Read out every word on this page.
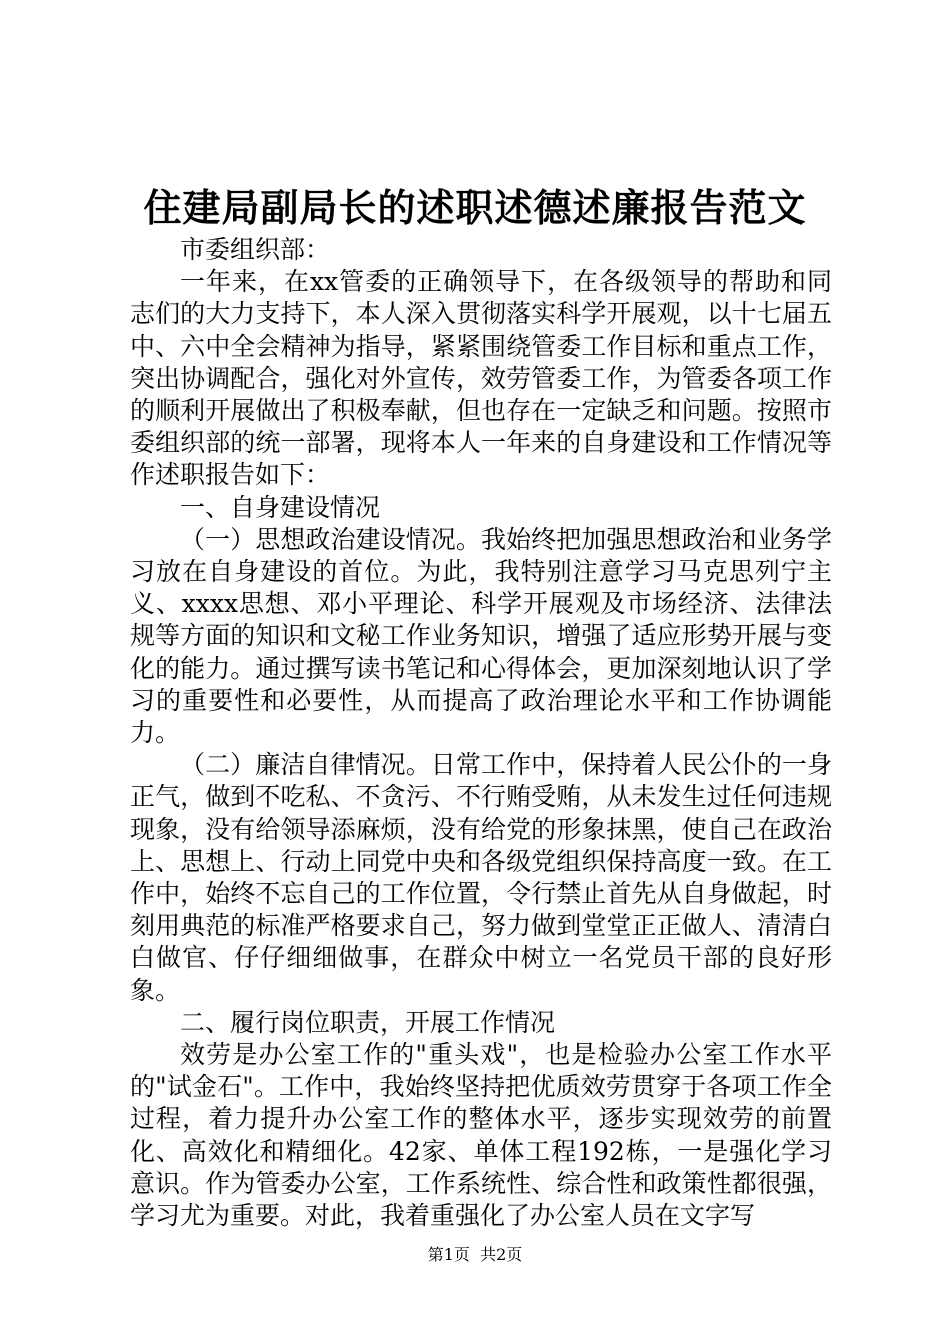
住建局副局长的述职述德述廉报告范文

市委组织部：

一年来，在xx管委的正确领导下，在各级领导的帮助和同志们的大力支持下，本人深入贯彻落实科学开展观，以十七届五中、六中全会精神为指导，紧紧围绕管委工作目标和重点工作，突出协调配合，强化对外宣传，效劳管委工作，为管委各项工作的顺利开展做出了积极奉献，但也存在一定缺乏和问题。按照市委组织部的统一部署，现将本人一年来的自身建设和工作情况等作述职报告如下：

一、自身建设情况

（一）思想政治建设情况。我始终把加强思想政治和业务学习放在自身建设的首位。为此，我特别注意学习马克思列宁主义、xxxx思想、邓小平理论、科学开展观及市场经济、法律法规等方面的知识和文秘工作业务知识，增强了适应形势开展与变化的能力。通过撰写读书笔记和心得体会，更加深刻地认识了学习的重要性和必要性，从而提高了政治理论水平和工作协调能力。

（二）廉洁自律情况。日常工作中，保持着人民公仆的一身正气，做到不吃私、不贪污、不行贿受贿，从未发生过任何违规现象，没有给领导添麻烦，没有给党的形象抹黑，使自己在政治上、思想上、行动上同党中央和各级党组织保持高度一致。在工作中，始终不忘自己的工作位置，令行禁止首先从自身做起，时刻用典范的标准严格要求自己，努力做到堂堂正正做人、清清白白做官、仔仔细细做事，在群众中树立一名党员干部的良好形象。

二、履行岗位职责，开展工作情况

效劳是办公室工作的"重头戏"，也是检验办公室工作水平的"试金石"。工作中，我始终坚持把优质效劳贯穿于各项工作全过程，着力提升办公室工作的整体水平，逐步实现效劳的前置化、高效化和精细化。42家、单体工程192栋，一是强化学习意识。作为管委办公室，工作系统性、综合性和政策性都很强，学习尤为重要。对此，我着重强化了办公室人员在文字写

第1页 共2页
